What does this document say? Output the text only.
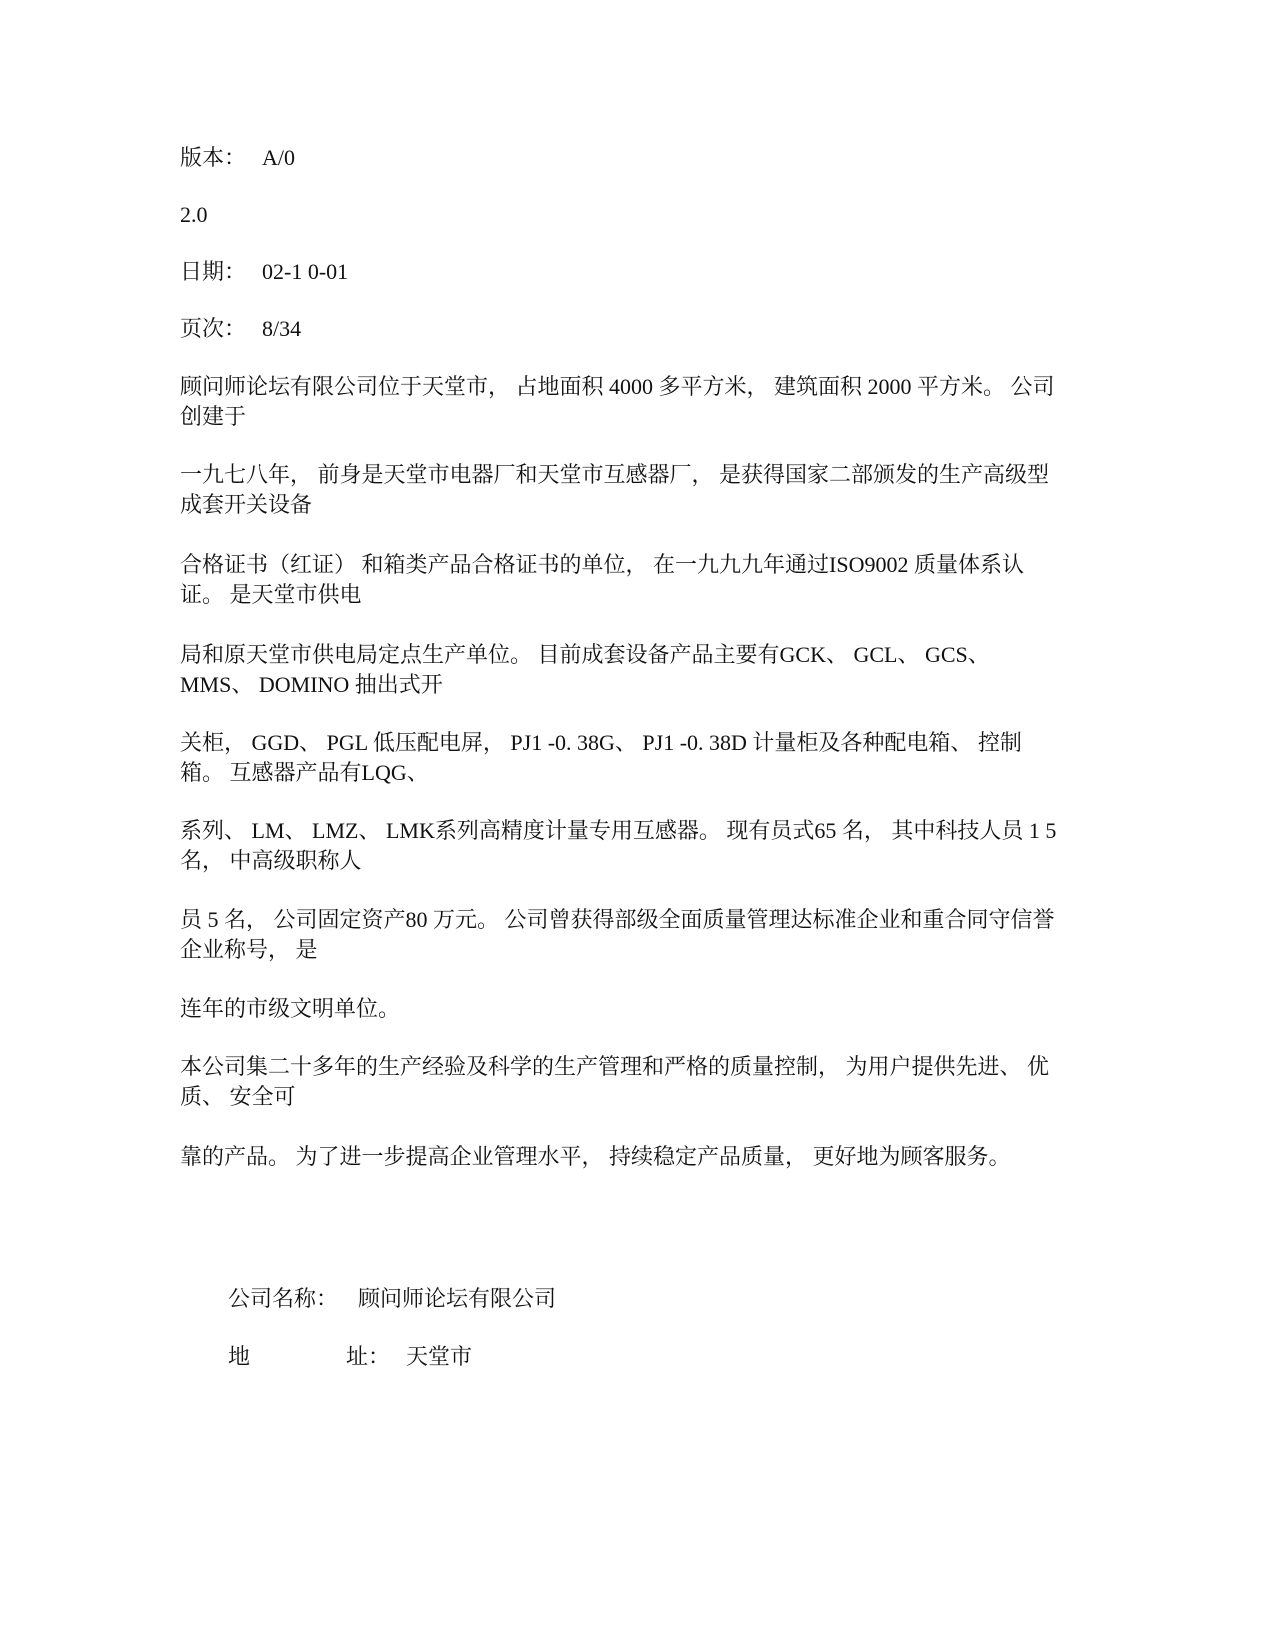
版本： A/0
2.0
日期： 02-1 0-01
页次： 8/34

顾问师论坛有限公司位于天堂市， 占地面积 4000 多平方米， 建筑面积 2000 平方米。 公司创建于

一九七八年， 前身是天堂市电器厂和天堂市互感器厂， 是获得国家二部颁发的生产高级型成套开关设备

合格证书（红证） 和箱类产品合格证书的单位， 在一九九九年通过ISO9002 质量体系认证。 是天堂市供电

局和原天堂市供电局定点生产单位。 目前成套设备产品主要有GCK、 GCL、 GCS、 MMS、 DOMINO 抽出式开

关柜， GGD、 PGL 低压配电屏， PJ1 -0. 38G、 PJ1 -0. 38D 计量柜及各种配电箱、 控制箱。 互感器产品有LQG、

系列、 LM、 LMZ、 LMK系列高精度计量专用互感器。 现有员式65 名， 其中科技人员 1 5 名， 中高级职称人

员 5 名， 公司固定资产80 万元。 公司曾获得部级全面质量管理达标准企业和重合同守信誉企业称号， 是

连年的市级文明单位。

本公司集二十多年的生产经验及科学的生产管理和严格的质量控制， 为用户提供先进、 优质、 安全可

靠的产品。 为了进一步提高企业管理水平， 持续稳定产品质量， 更好地为顾客服务。

公司名称： 顾问师论坛有限公司
地	址： 天堂市
